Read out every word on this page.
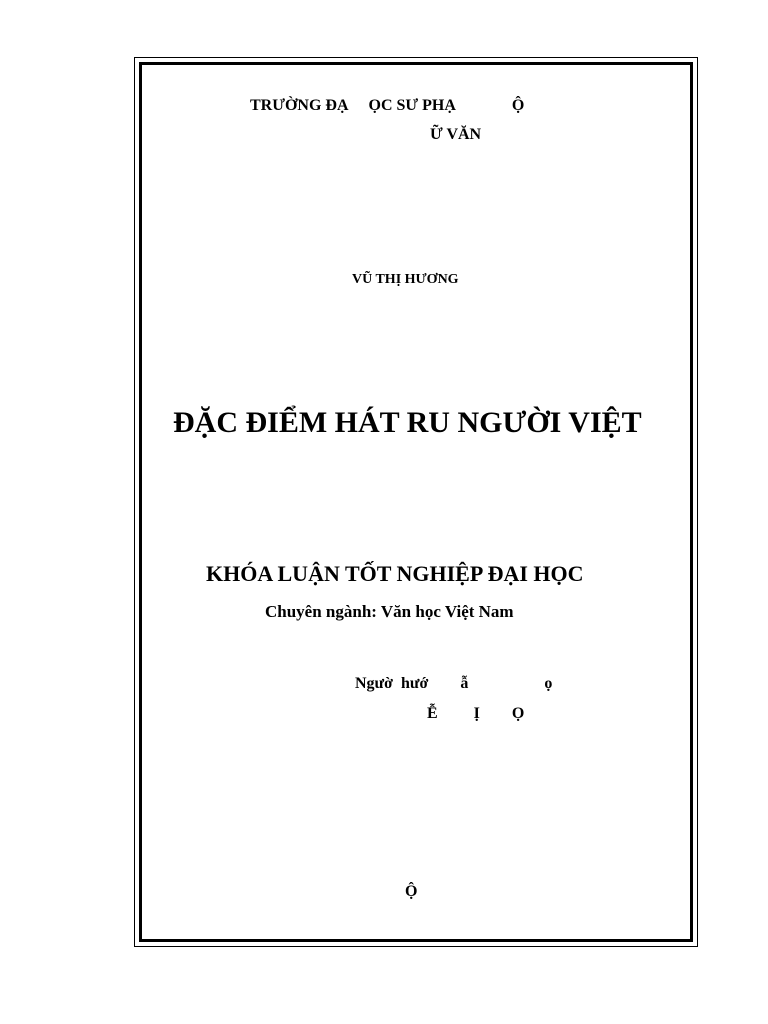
TRƯỜNG ĐẠ     ỌC SƯ PHẠ              Ộ
Ữ VĂN
VŨ THỊ HƯƠNG
ĐẶC ĐIỂM HÁT RU NGƯỜI VIỆT
KHÓA LUẬN TỐT NGHIỆP ĐẠI HỌC
Chuyên ngành: Văn học Việt Nam
Ngườ  hướ        ẫ                   ọ
Ễ         Ị        Ọ
Ộ
